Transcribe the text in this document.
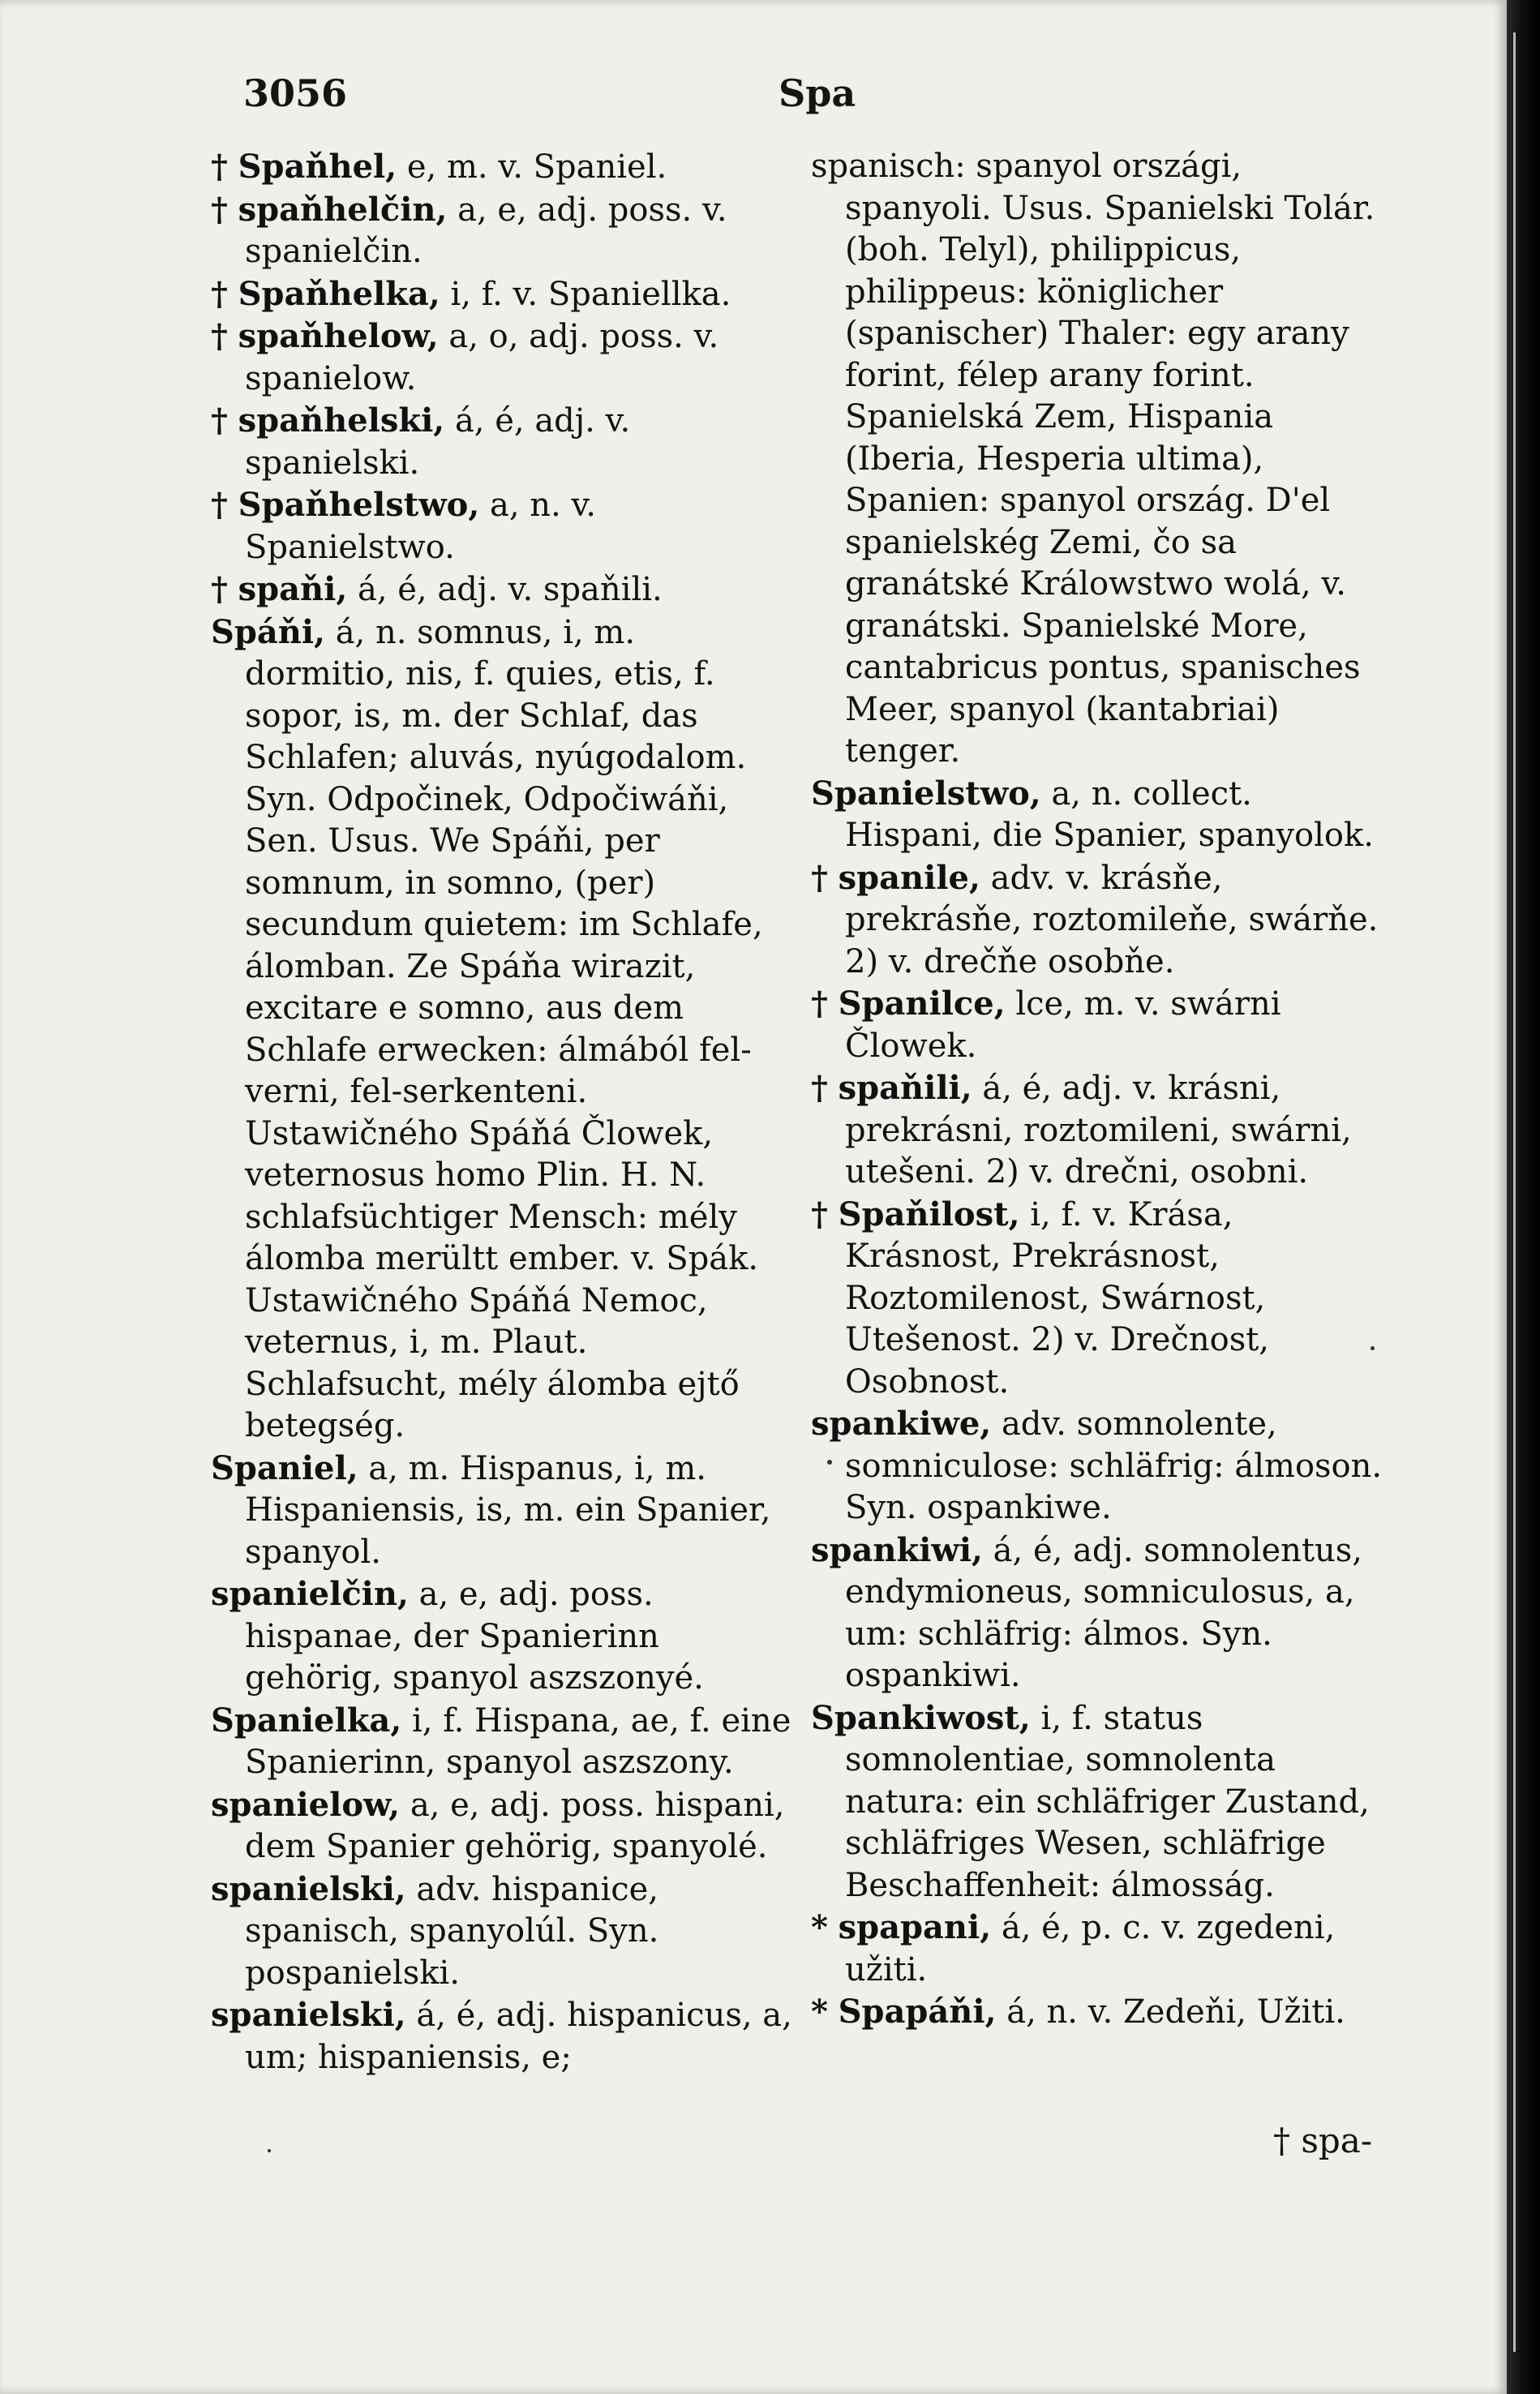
3056	Spa

† Spaňhel, e, m. v. Spaniel.

† spaňhelčin, a, e, adj. poss. v. spanielčin.

† Spaňhelka, i, f. v. Spaniellka.

† spaňhelow, a, o, adj. poss. v. spanielow.

† spaňhelski, á, é, adj. v. spanielski.

† Spaňhelstwo, a, n. v. Spanielstwo.

† spaňi, á, é, adj. v. spaňili.

Spáňi, á, n. somnus, i, m. dormitio, nis, f. quies, etis, f. sopor, is, m. der Schlaf, das Schlafen; aluvás, nyúgodalom. Syn. Odpočinek, Odpočiwáňi, Sen. Usus. We Spáňi, per somnum, in somno, (per) secundum quietem: im Schlafe, álomban. Ze Spáňa wirazit, excitare e somno, aus dem Schlafe erwecken: álmából fel-verni, fel-serkenteni. Ustawičného Spáňá Člowek, veternosus homo Plin. H. N. schlafsüchtiger Mensch: mély álomba merültt ember. v. Spák. Ustawičného Spáňá Nemoc, veternus, i, m. Plaut. Schlafsucht, mély álomba ejtő betegség.

Spaniel, a, m. Hispanus, i, m. Hispaniensis, is, m. ein Spanier, spanyol.

spanielčin, a, e, adj. poss. hispanae, der Spanierinn gehörig, spanyol aszszonyé.

Spanielka, i, f. Hispana, ae, f. eine Spanierinn, spanyol aszszony.

spanielow, a, e, adj. poss. hispani, dem Spanier gehörig, spanyolé.

spanielski, adv. hispanice, spanisch, spanyolúl. Syn. pospanielski.

spanielski, á, é, adj. hispanicus, a, um; hispaniensis, e;

spanisch: spanyol országi, spanyoli. Usus. Spanielski Tolár. (boh. Telyl), philippicus, philippeus: königlicher (spanischer) Thaler: egy arany forint, félep arany forint. Spanielská Zem, Hispania (Iberia, Hesperia ultima), Spanien: spanyol ország. D'el spanielskég Zemi, čo sa granátské Králowstwo wolá, v. granátski. Spanielské More, cantabricus pontus, spanisches Meer, spanyol (kantabriai) tenger.

Spanielstwo, a, n. collect. Hispani, die Spanier, spanyolok.

† spanile, adv. v. krásňe, prekrásňe, roztomileňe, swárňe. 2) v. drečňe osobňe.

† Spanilce, lce, m. v. swárni Člowek.

† spaňili, á, é, adj. v. krásni, prekrásni, roztomileni, swárni, utešeni. 2) v. drečni, osobni.

† Spaňilost, i, f. v. Krása, Krásnost, Prekrásnost, Roztomilenost, Swárnost, Utešenost. 2) v. Drečnost, Osobnost.

spankiwe, adv. somnolente, somniculose: schläfrig: álmoson. Syn. ospankiwe.

spankiwi, á, é, adj. somnolentus, endymioneus, somniculosus, a, um: schläfrig: álmos. Syn. ospankiwi.

Spankiwost, i, f. status somnolentiae, somnolenta natura: ein schläfriger Zustand, schläfriges Wesen, schläfrige Beschaffenheit: álmosság.

* spapani, á, é, p. c. v. zgedeni, užiti.

* Spapáňi, á, n. v. Zedeňi, Užiti.

† spa-
